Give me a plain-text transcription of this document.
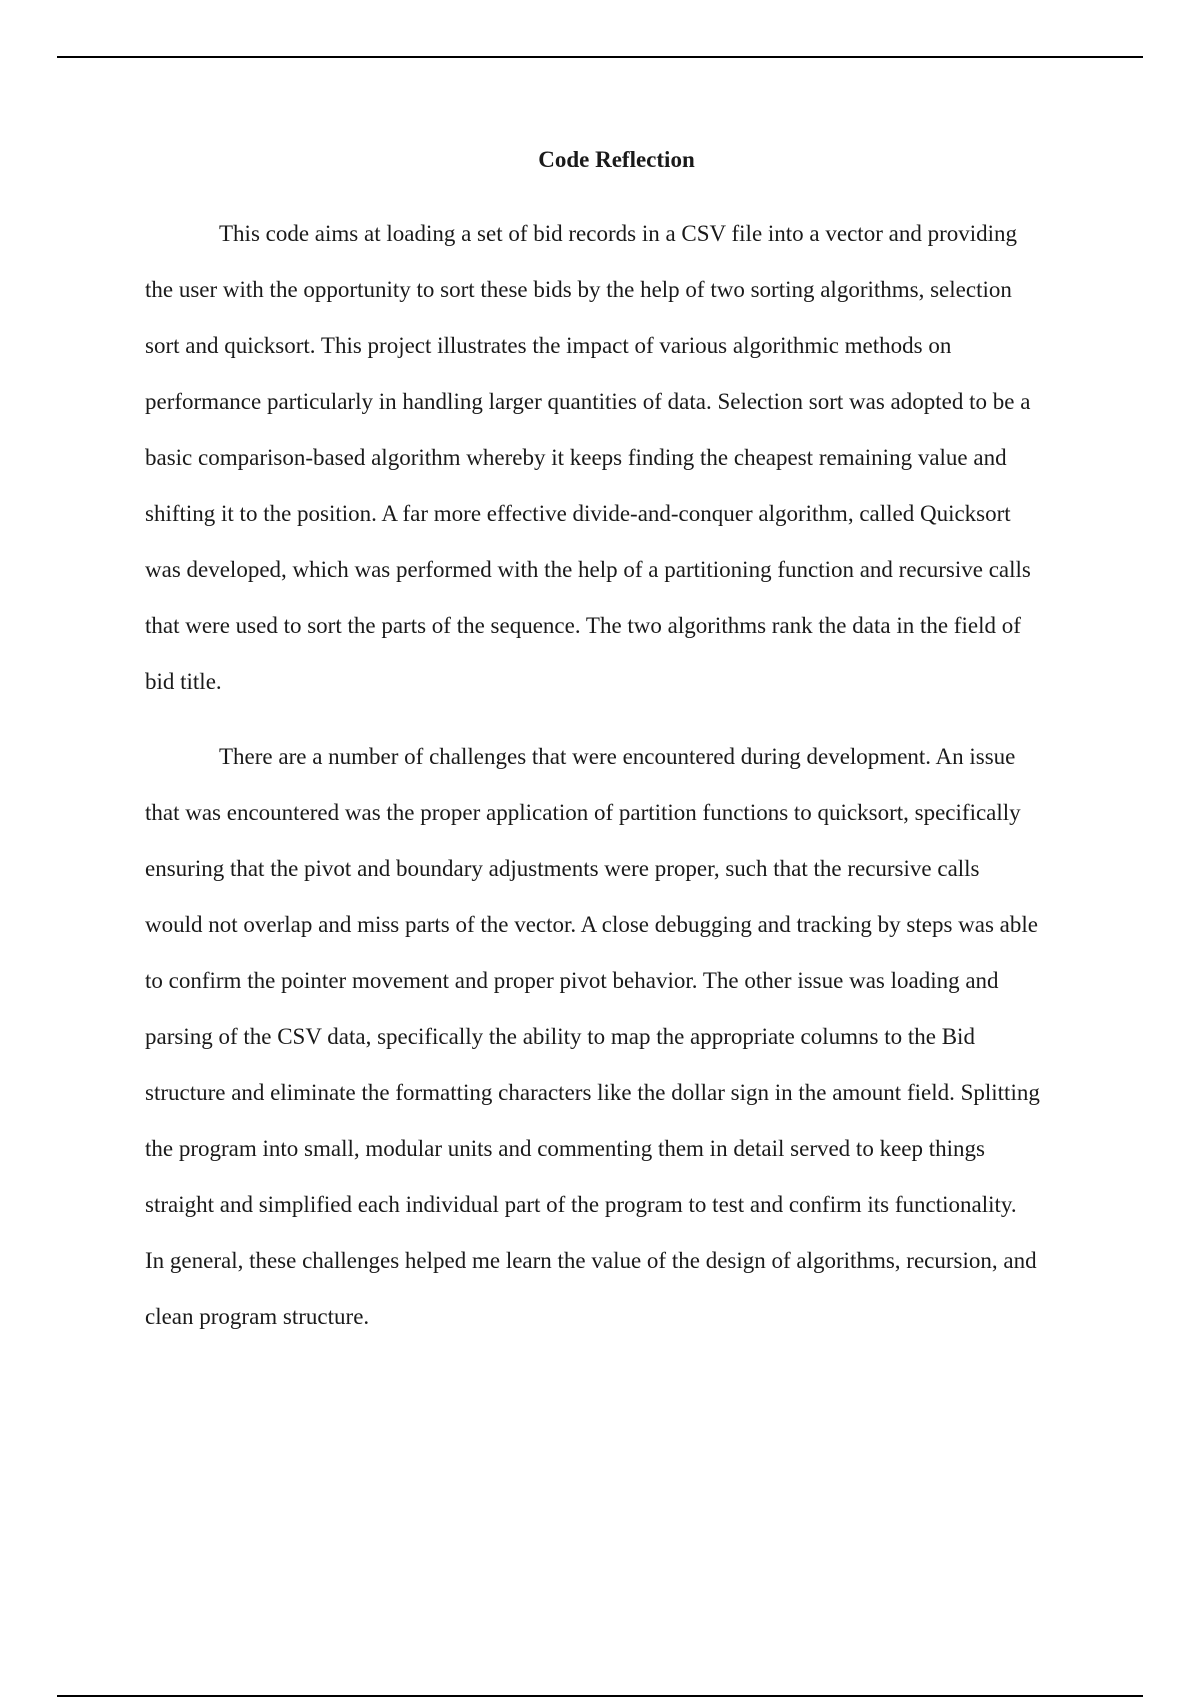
Code Reflection

This code aims at loading a set of bid records in a CSV file into a vector and providing
the user with the opportunity to sort these bids by the help of two sorting algorithms, selection
sort and quicksort. This project illustrates the impact of various algorithmic methods on
performance particularly in handling larger quantities of data. Selection sort was adopted to be a
basic comparison-based algorithm whereby it keeps finding the cheapest remaining value and
shifting it to the position. A far more effective divide-and-conquer algorithm, called Quicksort
was developed, which was performed with the help of a partitioning function and recursive calls
that were used to sort the parts of the sequence. The two algorithms rank the data in the field of
bid title.

There are a number of challenges that were encountered during development. An issue
that was encountered was the proper application of partition functions to quicksort, specifically
ensuring that the pivot and boundary adjustments were proper, such that the recursive calls
would not overlap and miss parts of the vector. A close debugging and tracking by steps was able
to confirm the pointer movement and proper pivot behavior. The other issue was loading and
parsing of the CSV data, specifically the ability to map the appropriate columns to the Bid
structure and eliminate the formatting characters like the dollar sign in the amount field. Splitting
the program into small, modular units and commenting them in detail served to keep things
straight and simplified each individual part of the program to test and confirm its functionality.
In general, these challenges helped me learn the value of the design of algorithms, recursion, and
clean program structure.
